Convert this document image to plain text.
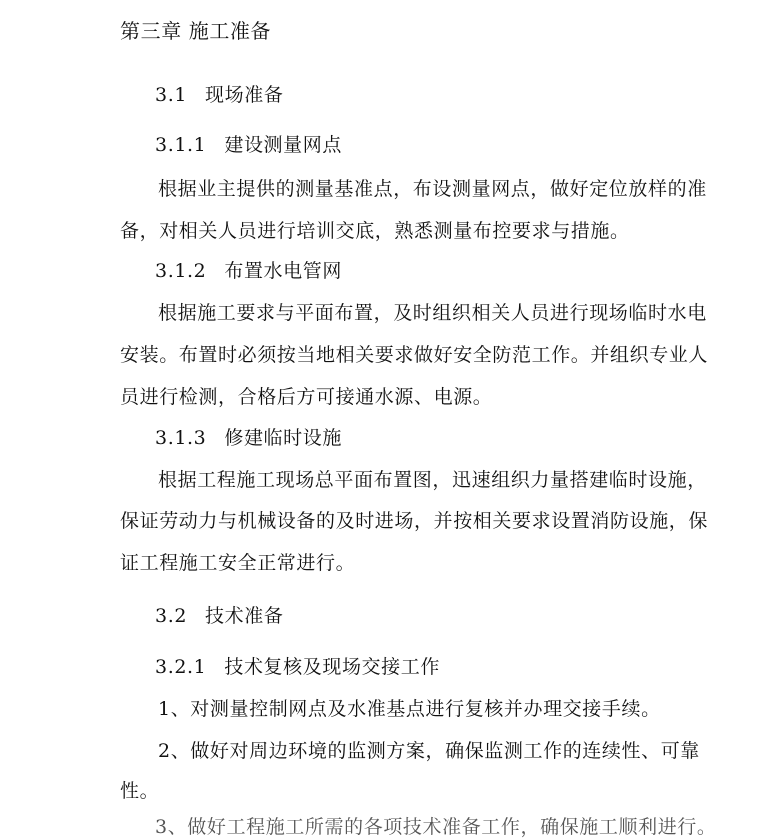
第三章 施工准备
3.1 现场准备
3.1.1 建设测量网点
根据业主提供的测量基准点，布设测量网点，做好定位放样的准
备，对相关人员进行培训交底，熟悉测量布控要求与措施。
3.1.2 布置水电管网
根据施工要求与平面布置，及时组织相关人员进行现场临时水电
安装。布置时必须按当地相关要求做好安全防范工作。并组织专业人
员进行检测，合格后方可接通水源、电源。
3.1.3 修建临时设施
根据工程施工现场总平面布置图，迅速组织力量搭建临时设施，
保证劳动力与机械设备的及时进场，并按相关要求设置消防设施，保
证工程施工安全正常进行。
3.2 技术准备
3.2.1 技术复核及现场交接工作
1、对测量控制网点及水准基点进行复核并办理交接手续。
2、做好对周边环境的监测方案，确保监测工作的连续性、可靠
性。
3、做好工程施工所需的各项技术准备工作，确保施工顺利进行。
